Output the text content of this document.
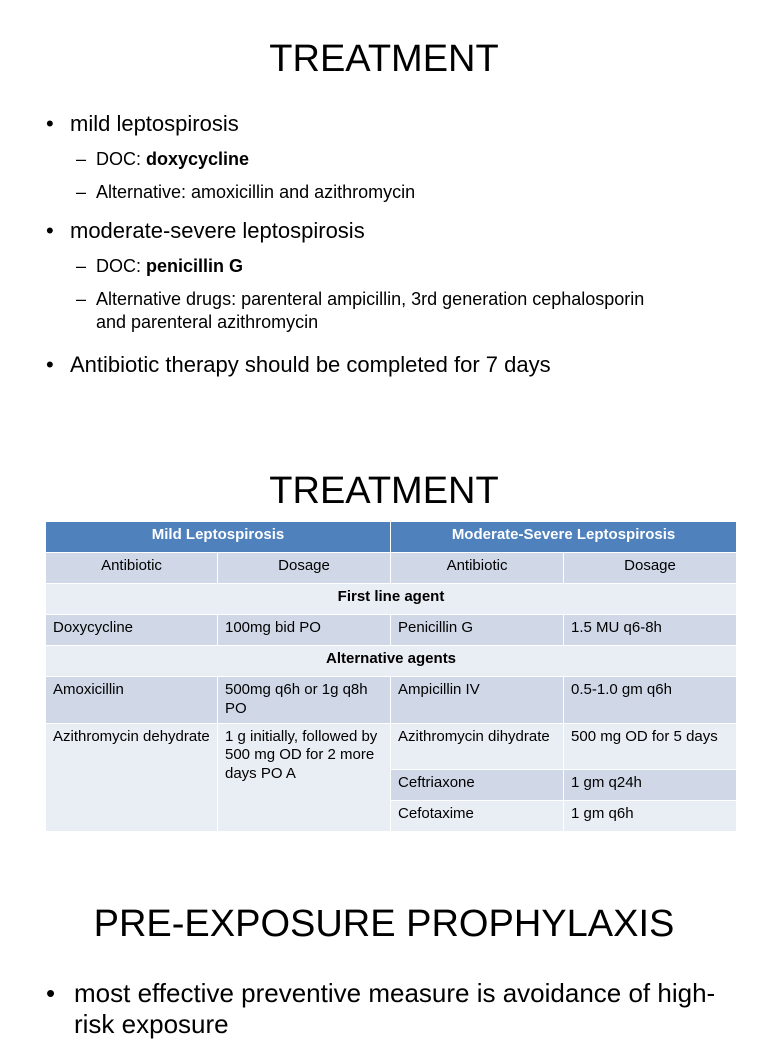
TREATMENT
• mild leptospirosis
– DOC: doxycycline
– Alternative: amoxicillin and azithromycin
• moderate-severe leptospirosis
– DOC: penicillin G
– Alternative drugs: parenteral ampicillin, 3rd generation cephalosporin and parenteral azithromycin
• Antibiotic therapy should be completed for 7 days
TREATMENT
Mild Leptospirosis		Moderate-Severe Leptospirosis	
Antibiotic	Dosage	Antibiotic	Dosage
First line agent			
Doxycycline	100mg bid PO	Penicillin G	1.5 MU q6-8h
Alternative agents			
Amoxicillin	500mg q6h or 1g q8h PO	Ampicillin IV	0.5-1.0 gm q6h
Azithromycin dehydrate	1 g initially, followed by 500 mg OD for 2 more days PO A	Azithromycin dihydrate	500 mg OD for 5 days
		Ceftriaxone	1 gm q24h
		Cefotaxime	1 gm q6h
PRE-EXPOSURE PROPHYLAXIS
• most effective preventive measure is avoidance of high-risk exposure
